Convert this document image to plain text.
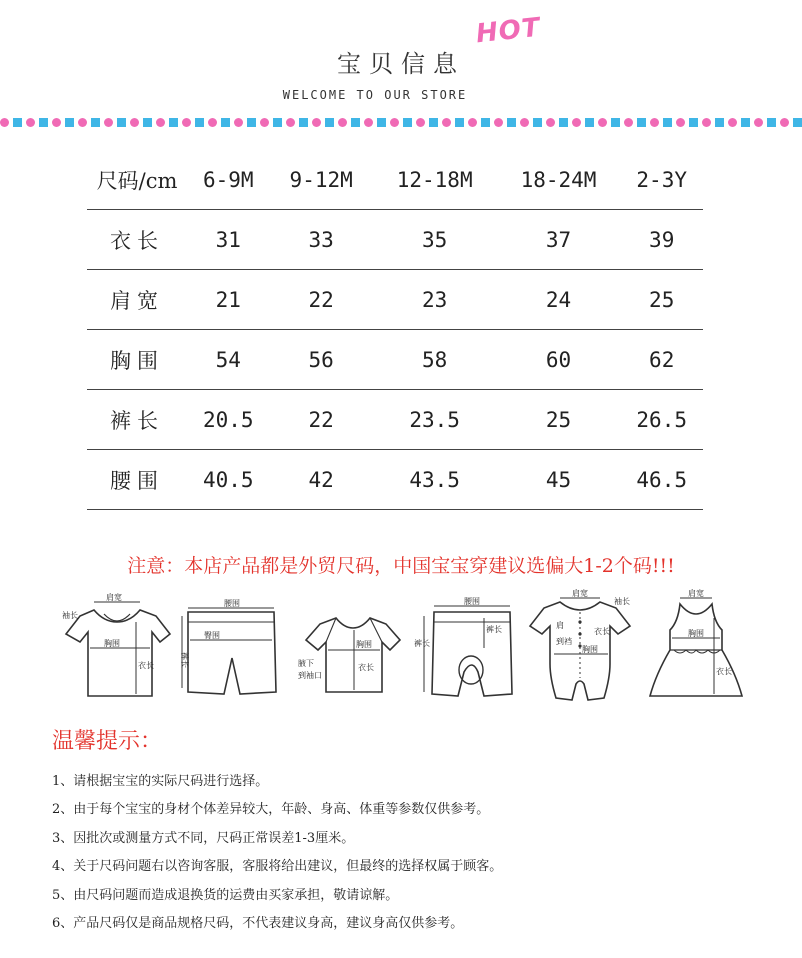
宝贝信息
HOT
WELCOME TO OUR STORE
尺码/cm	6-9M	9-12M	12-18M	18-24M	2-3Y
衣长	31	33	35	37	39
肩宽	21	22	23	24	25
胸围	54	56	58	60	62
裤长	20.5	22	23.5	25	26.5
腰围	40.5	42	43.5	45	46.5
注意：本店产品都是外贸尺码，中国宝宝穿建议选偏大1-2个码!!!
肩宽
袖长
胸围
衣长
腰围
臀围
裤长
胸围
衣长
腋下
到袖口
腰围
裤长
裤长
肩宽
袖长
肩
到裆
胸围
衣长
肩宽
胸围
衣长
温馨提示：
1、请根据宝宝的实际尺码进行选择。
2、由于每个宝宝的身材个体差异较大，年龄、身高、体重等参数仅供参考。
3、因批次或测量方式不同，尺码正常误差1-3厘米。
4、关于尺码问题右以咨询客服，客服将给出建议，但最终的选择权属于顾客。
5、由尺码问题而造成退换货的运费由买家承担，敬请谅解。
6、产品尺码仅是商品规格尺码，不代表建议身高，建议身高仅供参考。
